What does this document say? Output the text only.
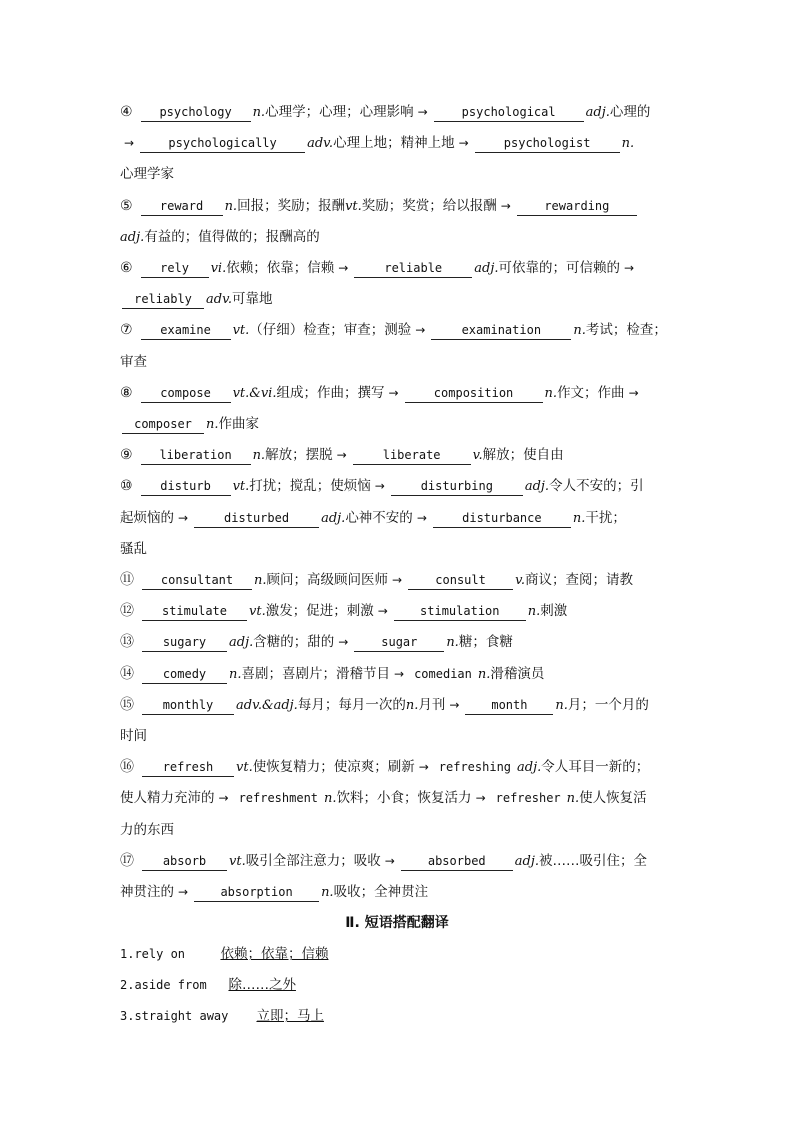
④ psychology n.心理学；心理；心理影响 →	psychological adj.心理的
→	psychologically adv.心理上地；精神上地 →	psychologist n.
心理学家
⑤ reward n.回报；奖励；报酬vt.奖励；奖赏；给以报酬 →	rewarding
adj.有益的；值得做的；报酬高的
⑥ rely vi.依赖；依靠；信赖 →	reliable adj.可依靠的；可信赖的 →
reliably adv.可靠地
⑦ examine vt.（仔细）检查；审查；测验 →	examination n.考试；检查；
审查
⑧ compose vt.&vi.组成；作曲；撰写 →	composition n.作文；作曲 →
composer n.作曲家
⑨ liberation n.解放；摆脱 →	liberate v.解放；使自由
⑩ disturb vt.打扰；搅乱；使烦恼 →	disturbing adj.令人不安的；引
起烦恼的 →	disturbed adj.心神不安的 →	disturbance n.干扰；
骚乱
⑪ consultant n.顾问；高级顾问医师 →	consult v.商议；查阅；请教
⑫ stimulate vt.激发；促进；刺激 →	stimulation n.刺激
⑬ sugary adj.含糖的；甜的 →	sugar n.糖；食糖
⑭ comedy n.喜剧；喜剧片；滑稽节目 → comedian n.滑稽演员
⑮ monthly adv.&adj.每月；每月一次的n.月刊 →	month n.月；一个月的
时间
⑯ refresh vt.使恢复精力；使凉爽；刷新 → refreshing adj.令人耳目一新的；
使人精力充沛的 → refreshment n.饮料；小食；恢复活力 → refresher n.使人恢复活
力的东西
⑰ absorb vt.吸引全部注意力；吸收 →	absorbed adj.被……吸引住；全
神贯注的 →	absorption n.吸收；全神贯注
Ⅱ. 短语搭配翻译
1.rely on	依赖；依靠；信赖
2.aside from 除……之外
3.straight away 立即；马上
